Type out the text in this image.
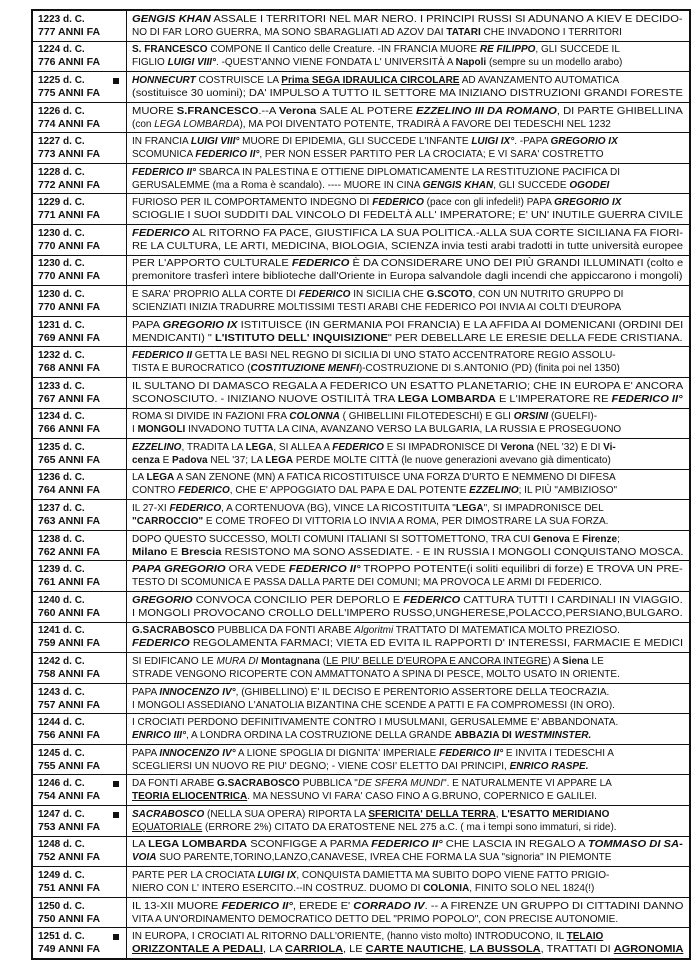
1223 d. C.
777 ANNI FA
GENGIS KHAN ASSALE I TERRITORI NEL MAR NERO. I PRINCIPI RUSSI SI ADUNANO A KIEV E DECIDO-
NO DI FAR LORO GUERRA, MA SONO SBARAGLIATI AD AZOV DAI TATARI CHE INVADONO I TERRITORI
1224 d. C.
776 ANNI FA
S. FRANCESCO COMPONE Il Cantico delle Creature. -IN FRANCIA MUORE RE FILIPPO, GLI SUCCEDE IL
FIGLIO LUIGI VIII°. -QUEST'ANNO VIENE FONDATA L' UNIVERSITÀ A Napoli (sempre su un modello arabo)
1225 d. C.
775 ANNI FA
HONNECURT COSTRUISCE LA Prima SEGA IDRAULICA CIRCOLARE AD AVANZAMENTO AUTOMATICA
(sostituisce 30 uomini); DA' IMPULSO A TUTTO IL SETTORE MA INIZIANO DISTRUZIONI GRANDI FORESTE
1226 d. C.
774 ANNI FA
MUORE S.FRANCESCO.--A Verona SALE AL POTERE EZZELINO III DA ROMANO, DI PARTE GHIBELLINA
(con LEGA LOMBARDA), MA POI DIVENTATO POTENTE, TRADIRÀ A FAVORE DEI TEDESCHI NEL 1232
1227 d. C.
773 ANNI FA
IN FRANCIA LUIGI VIII° MUORE DI EPIDEMIA, GLI SUCCEDE L'INFANTE LUIGI IX°. -PAPA GREGORIO IX
SCOMUNICA FEDERICO II°, PER NON ESSER PARTITO PER LA CROCIATA; E VI SARA' COSTRETTO
1228 d. C.
772 ANNI FA
FEDERICO II° SBARCA IN PALESTINA E OTTIENE DIPLOMATICAMENTE LA RESTITUZIONE PACIFICA DI
GERUSALEMME (ma a Roma è scandalo). ---- MUORE IN CINA GENGIS KHAN, GLI SUCCEDE OGODEI
1229 d. C.
771 ANNI FA
FURIOSO PER IL COMPORTAMENTO INDEGNO DI FEDERICO (pace con gli infedeli!) PAPA GREGORIO IX
SCIOGLIE I SUOI SUDDITI DAL VINCOLO DI FEDELTÀ ALL' IMPERATORE; E' UN' INUTILE GUERRA CIVILE
1230 d. C.
770 ANNI FA
FEDERICO AL RITORNO FA PACE, GIUSTIFICA LA SUA POLITICA.-ALLA SUA CORTE SICILIANA FA FIORI-
RE LA CULTURA, LE ARTI, MEDICINA, BIOLOGIA, SCIENZA invia testi arabi tradotti in tutte università europee
1230 d. C.
770 ANNI FA
PER L'APPORTO CULTURALE FEDERICO È DA CONSIDERARE UNO DEI PIÙ GRANDI ILLUMINATI (colto e
premonitore trasferì intere biblioteche dall'Oriente in Europa salvandole dagli incendi che appiccarono i mongoli)
1230 d. C.
770 ANNI FA
E SARA' PROPRIO ALLA CORTE DI FEDERICO IN SICILIA CHE G.SCOTO, CON UN NUTRITO GRUPPO DI
SCIENZIATI INIZIA TRADURRE MOLTISSIMI TESTI ARABI CHE FEDERICO POI INVIA AI COLTI D'EUROPA
1231 d. C.
769 ANNI FA
PAPA GREGORIO IX ISTITUISCE (IN GERMANIA POI FRANCIA) E LA AFFIDA AI DOMENICANI (ORDINI DEI
MENDICANTI) " L'ISTITUTO DELL' INQUISIZIONE" PER DEBELLARE LE ERESIE DELLA FEDE CRISTIANA.
1232 d. C.
768 ANNI FA
FEDERICO II GETTA LE BASI NEL REGNO DI SICILIA DI UNO STATO ACCENTRATORE REGIO ASSOLU-
TISTA E BUROCRATICO (COSTITUZIONE MENFI)-COSTRUZIONE DI S.ANTONIO (PD) (finita poi nel 1350)
1233 d. C.
767 ANNI FA
IL SULTANO DI DAMASCO REGALA A FEDERICO UN ESATTO PLANETARIO; CHE IN EUROPA E' ANCORA
SCONOSCIUTO. - INIZIANO NUOVE OSTILITÀ TRA LEGA LOMBARDA E L'IMPERATORE RE FEDERICO II°
1234 d. C.
766 ANNI FA
ROMA SI DIVIDE IN FAZIONI FRA COLONNA ( GHIBELLINI FILOTEDESCHI) E GLI ORSINI (GUELFI)-
I MONGOLI INVADONO TUTTA LA CINA, AVANZANO VERSO LA BULGARIA, LA RUSSIA E PROSEGUONO
1235 d. C.
765 ANNI FA
EZZELINO, TRADITA LA LEGA, SI ALLEA A FEDERICO E SI IMPADRONISCE DI Verona (NEL '32) E DI Vi-
cenza E Padova NEL '37; LA LEGA PERDE MOLTE CITTÀ (le nuove generazioni avevano già dimenticato)
1236 d. C.
764 ANNI FA
LA LEGA A SAN ZENONE (MN) A FATICA RICOSTITUISCE UNA FORZA D'URTO E NEMMENO DI DIFESA
CONTRO FEDERICO, CHE E' APPOGGIATO DAL PAPA E DAL POTENTE EZZELINO; IL PIÙ "AMBIZIOSO"
1237 d. C.
763 ANNI FA
IL 27-XI FEDERICO, A CORTENUOVA (BG), VINCE LA RICOSTITUITA "LEGA", SI IMPADRONISCE DEL
"CARROCCIO" E COME TROFEO DI VITTORIA LO INVIA A ROMA, PER DIMOSTRARE LA SUA FORZA.
1238 d. C.
762 ANNI FA
DOPO QUESTO SUCCESSO, MOLTI COMUNI ITALIANI SI SOTTOMETTONO, TRA CUI Genova E Firenze;
Milano E Brescia RESISTONO MA SONO ASSEDIATE. - E IN RUSSIA I MONGOLI CONQUISTANO MOSCA.
1239 d. C.
761 ANNI FA
PAPA GREGORIO ORA VEDE FEDERICO II° TROPPO POTENTE(i soliti equilibri di forze) E TROVA UN PRE-
TESTO DI SCOMUNICA E PASSA DALLA PARTE DEI COMUNI; MA PROVOCA LE ARMI DI FEDERICO.
1240 d. C.
760 ANNI FA
GREGORIO CONVOCA CONCILIO PER DEPORLO E FEDERICO CATTURA TUTTI I CARDINALI IN VIAGGIO.
I MONGOLI PROVOCANO CROLLO DELL'IMPERO RUSSO,UNGHERESE,POLACCO,PERSIANO,BULGARO.
1241 d. C.
759 ANNI FA
G.SACRABOSCO PUBBLICA DA FONTI ARABE Algoritmi TRATTATO DI MATEMATICA MOLTO PREZIOSO.
FEDERICO REGOLAMENTA FARMACI; VIETA ED EVITA IL RAPPORTI D' INTERESSI, FARMACIE E MEDICI
1242 d. C.
758 ANNI FA
SI EDIFICANO LE MURA DI Montagnana (LE PIU' BELLE D'EUROPA E ANCORA INTEGRE) A Siena LE
STRADE VENGONO RICOPERTE CON AMMATTONATO A SPINA DI PESCE, MOLTO USATO IN ORIENTE.
1243 d. C.
757 ANNI FA
PAPA INNOCENZO IV°, (GHIBELLINO) E' IL DECISO E PERENTORIO ASSERTORE DELLA TEOCRAZIA.
I MONGOLI ASSEDIANO L'ANATOLIA BIZANTINA CHE SCENDE A PATTI E FA COMPROMESSI (IN ORO).
1244 d. C.
756 ANNI FA
I CROCIATI PERDONO DEFINITIVAMENTE CONTRO I MUSULMANI, GERUSALEMME E' ABBANDONATA.
ENRICO III°, A LONDRA ORDINA LA COSTRUZIONE DELLA GRANDE ABBAZIA DI WESTMINSTER.
1245 d. C.
755 ANNI FA
PAPA INNOCENZO IV° A LIONE SPOGLIA DI DIGNITA' IMPERIALE FEDERICO II° E INVITA I TEDESCHI A
SCEGLIERSI UN NUOVO RE PIU' DEGNO; - VIENE COSI' ELETTO DAI PRINCIPI, ENRICO RASPE.
1246 d. C.
754 ANNI FA
DA FONTI ARABE G.SACRABOSCO PUBBLICA "DE SFERA MUNDI". E NATURALMENTE VI APPARE LA
TEORIA ELIOCENTRICA. MA NESSUNO VI FARA' CASO FINO A G.BRUNO, COPERNICO E GALILEI.
1247 d. C.
753 ANNI FA
SACRABOSCO (NELLA SUA OPERA) RIPORTA LA SFERICITA' DELLA TERRA, L'ESATTO MERIDIANO
EQUATORIALE (ERRORE 2%) CITATO DA ERATOSTENE NEL 275 a.C. ( ma i tempi sono immaturi, si ride).
1248 d. C.
752 ANNI FA
LA LEGA LOMBARDA SCONFIGGE A PARMA FEDERICO II° CHE LASCIA IN REGALO A TOMMASO DI SA-
VOIA SUO PARENTE,TORINO,LANZO,CANAVESE, IVREA CHE FORMA LA SUA "signoria" IN PIEMONTE
1249 d. C.
751 ANNI FA
PARTE PER LA CROCIATA LUIGI IX, CONQUISTA DAMIETTA MA SUBITO DOPO VIENE FATTO PRIGIO-
NIERO CON L' INTERO ESERCITO.--IN COSTRUZ. DUOMO DI COLONIA, FINITO SOLO NEL 1824(!)
1250 d. C.
750 ANNI FA
IL 13-XII MUORE FEDERICO II°, EREDE E' CORRADO IV. -- A FIRENZE UN GRUPPO DI CITTADINI DANNO
VITA A UN'ORDINAMENTO DEMOCRATICO DETTO DEL "PRIMO POPOLO", CON PRECISE AUTONOMIE.
1251 d. C.
749 ANNI FA
IN EUROPA, I CROCIATI AL RITORNO DALL'ORIENTE, (hanno visto molto) INTRODUCONO, IL TELAIO
ORIZZONTALE A PEDALI, LA CARRIOLA, LE CARTE NAUTICHE, LA BUSSOLA, TRATTATI DI AGRONOMIA
